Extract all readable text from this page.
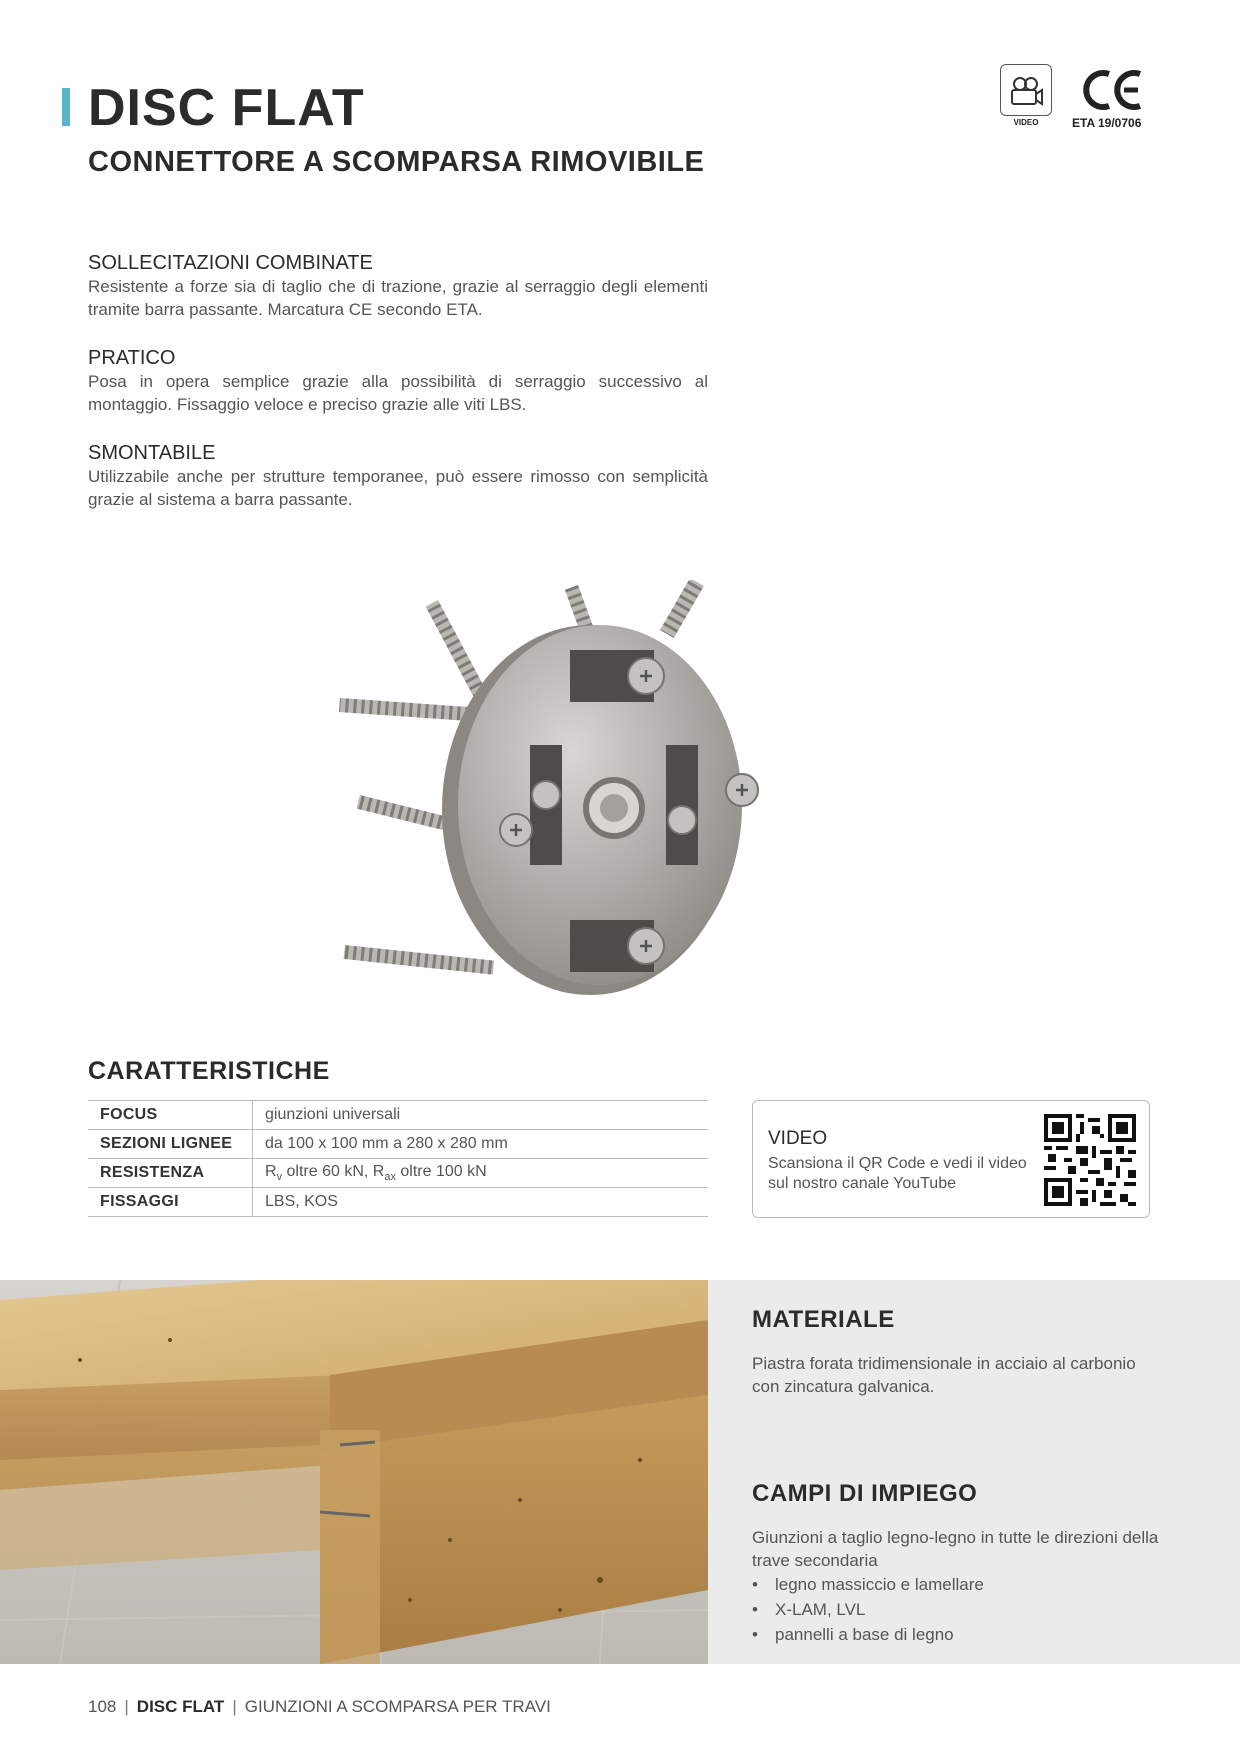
DISC FLAT
CONNETTORE A SCOMPARSA RIMOVIBILE
VIDEO	ETA 19/0706

SOLLECITAZIONI COMBINATE

Resistente a forze sia di taglio che di trazione, grazie al serraggio degli elementi tramite barra passante. Marcatura CE secondo ETA.

PRATICO

Posa in opera semplice grazie alla possibilità di serraggio successivo al montaggio. Fissaggio veloce e preciso grazie alle viti LBS.

SMONTABILE

Utilizzabile anche per strutture temporanee, può essere rimosso con semplicità grazie al sistema a barra passante.

CARATTERISTICHE
FOCUS	giunzioni universali
SEZIONI LIGNEE	da 100 x 100 mm a 280 x 280 mm
RESISTENZA	$R_v$ oltre 60 kN, $R_{ax}$ oltre 100 kN
FISSAGGI	LBS, KOS

VIDEO

Scansiona il QR Code e vedi il video sul nostro canale YouTube

MATERIALE

Piastra forata tridimensionale in acciaio al carbonio con zincatura galvanica.

CAMPI DI IMPIEGO

Giunzioni a taglio legno-legno in tutte le direzioni della trave secondaria

• legno massiccio e lamellare
• X-LAM, LVL
• pannelli a base di legno
108 | DISC FLAT | GIUNZIONI A SCOMPARSA PER TRAVI
